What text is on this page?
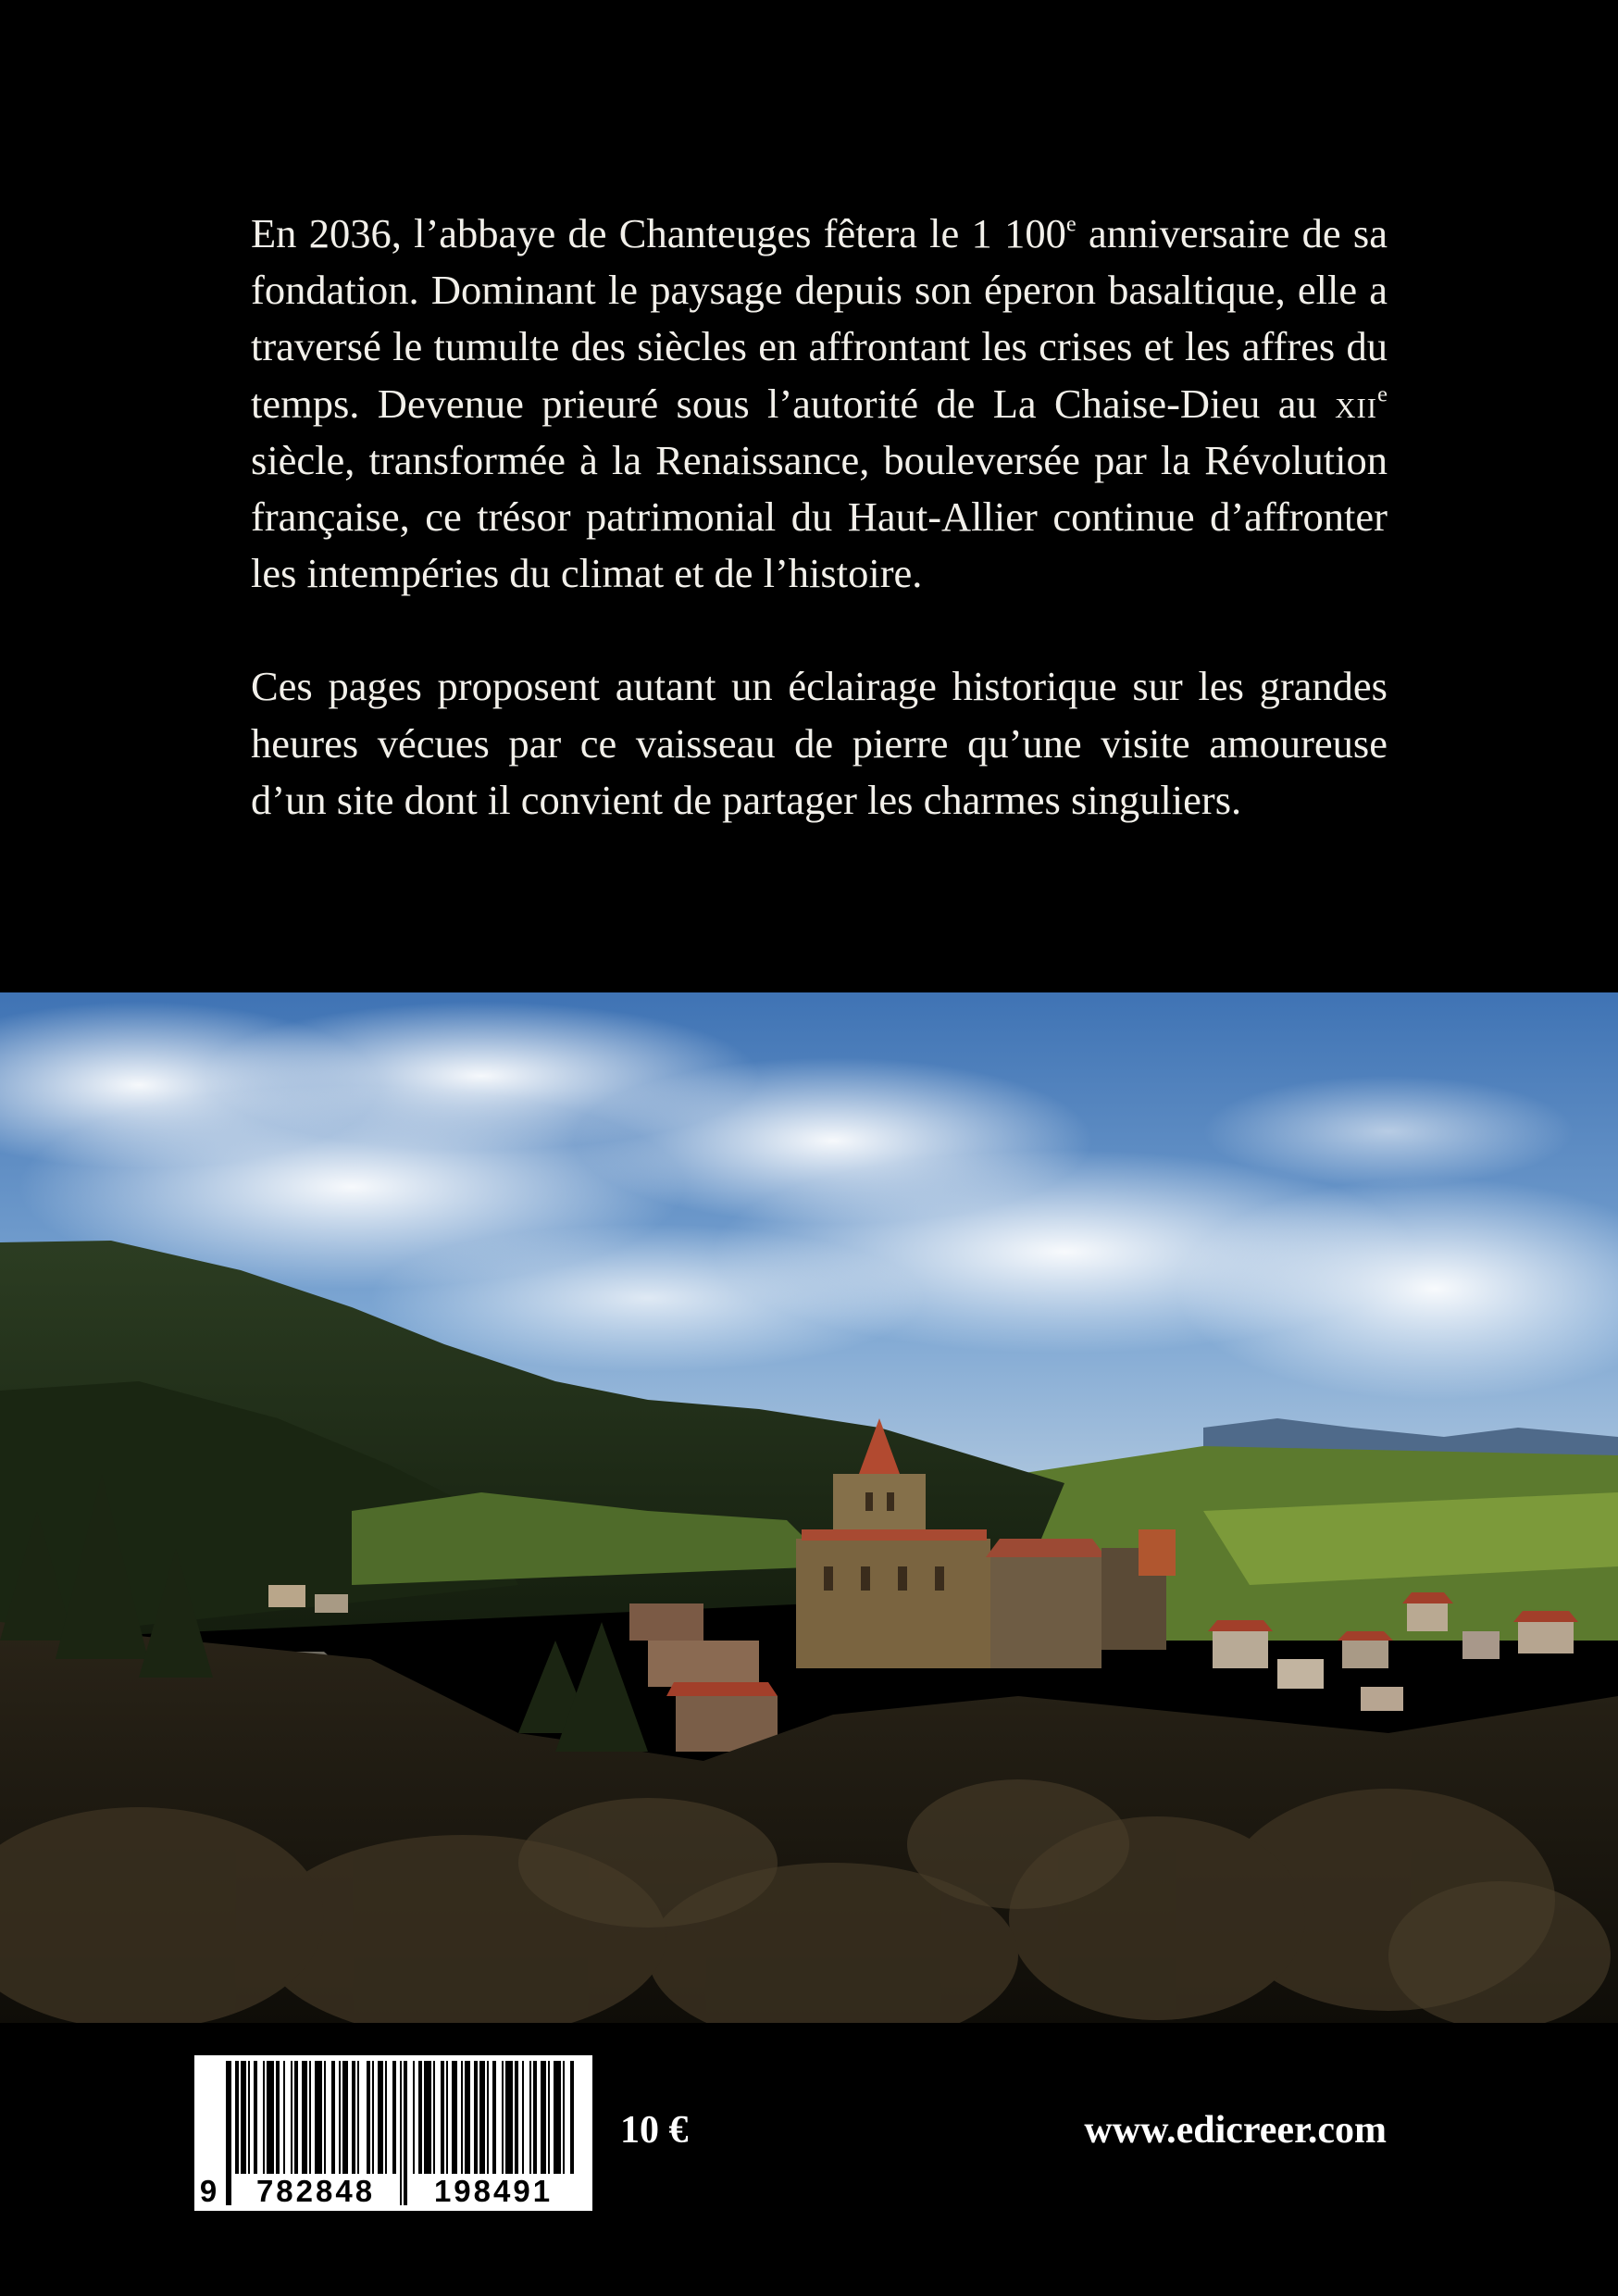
En 2036, l’abbaye de Chanteuges fêtera le 1 100e anniversaire de sa fondation. Dominant le paysage depuis son éperon basaltique, elle a traversé le tumulte des siècles en affrontant les crises et les affres du temps. Devenue prieuré sous l’autorité de La Chaise-Dieu au xii$^e$ siècle, transformée à la Renaissance, bouleversée par la Révolution française, ce trésor patrimonial du Haut-Allier continue d’affronter les intempéries du climat et de l’histoire.

Ces pages proposent autant un éclairage historique sur les grandes heures vécues par ce vaisseau de pierre qu’une visite amoureuse d’un site dont il convient de partager les charmes singuliers.

9	782848	198491
10 €	www.edicreer.com
